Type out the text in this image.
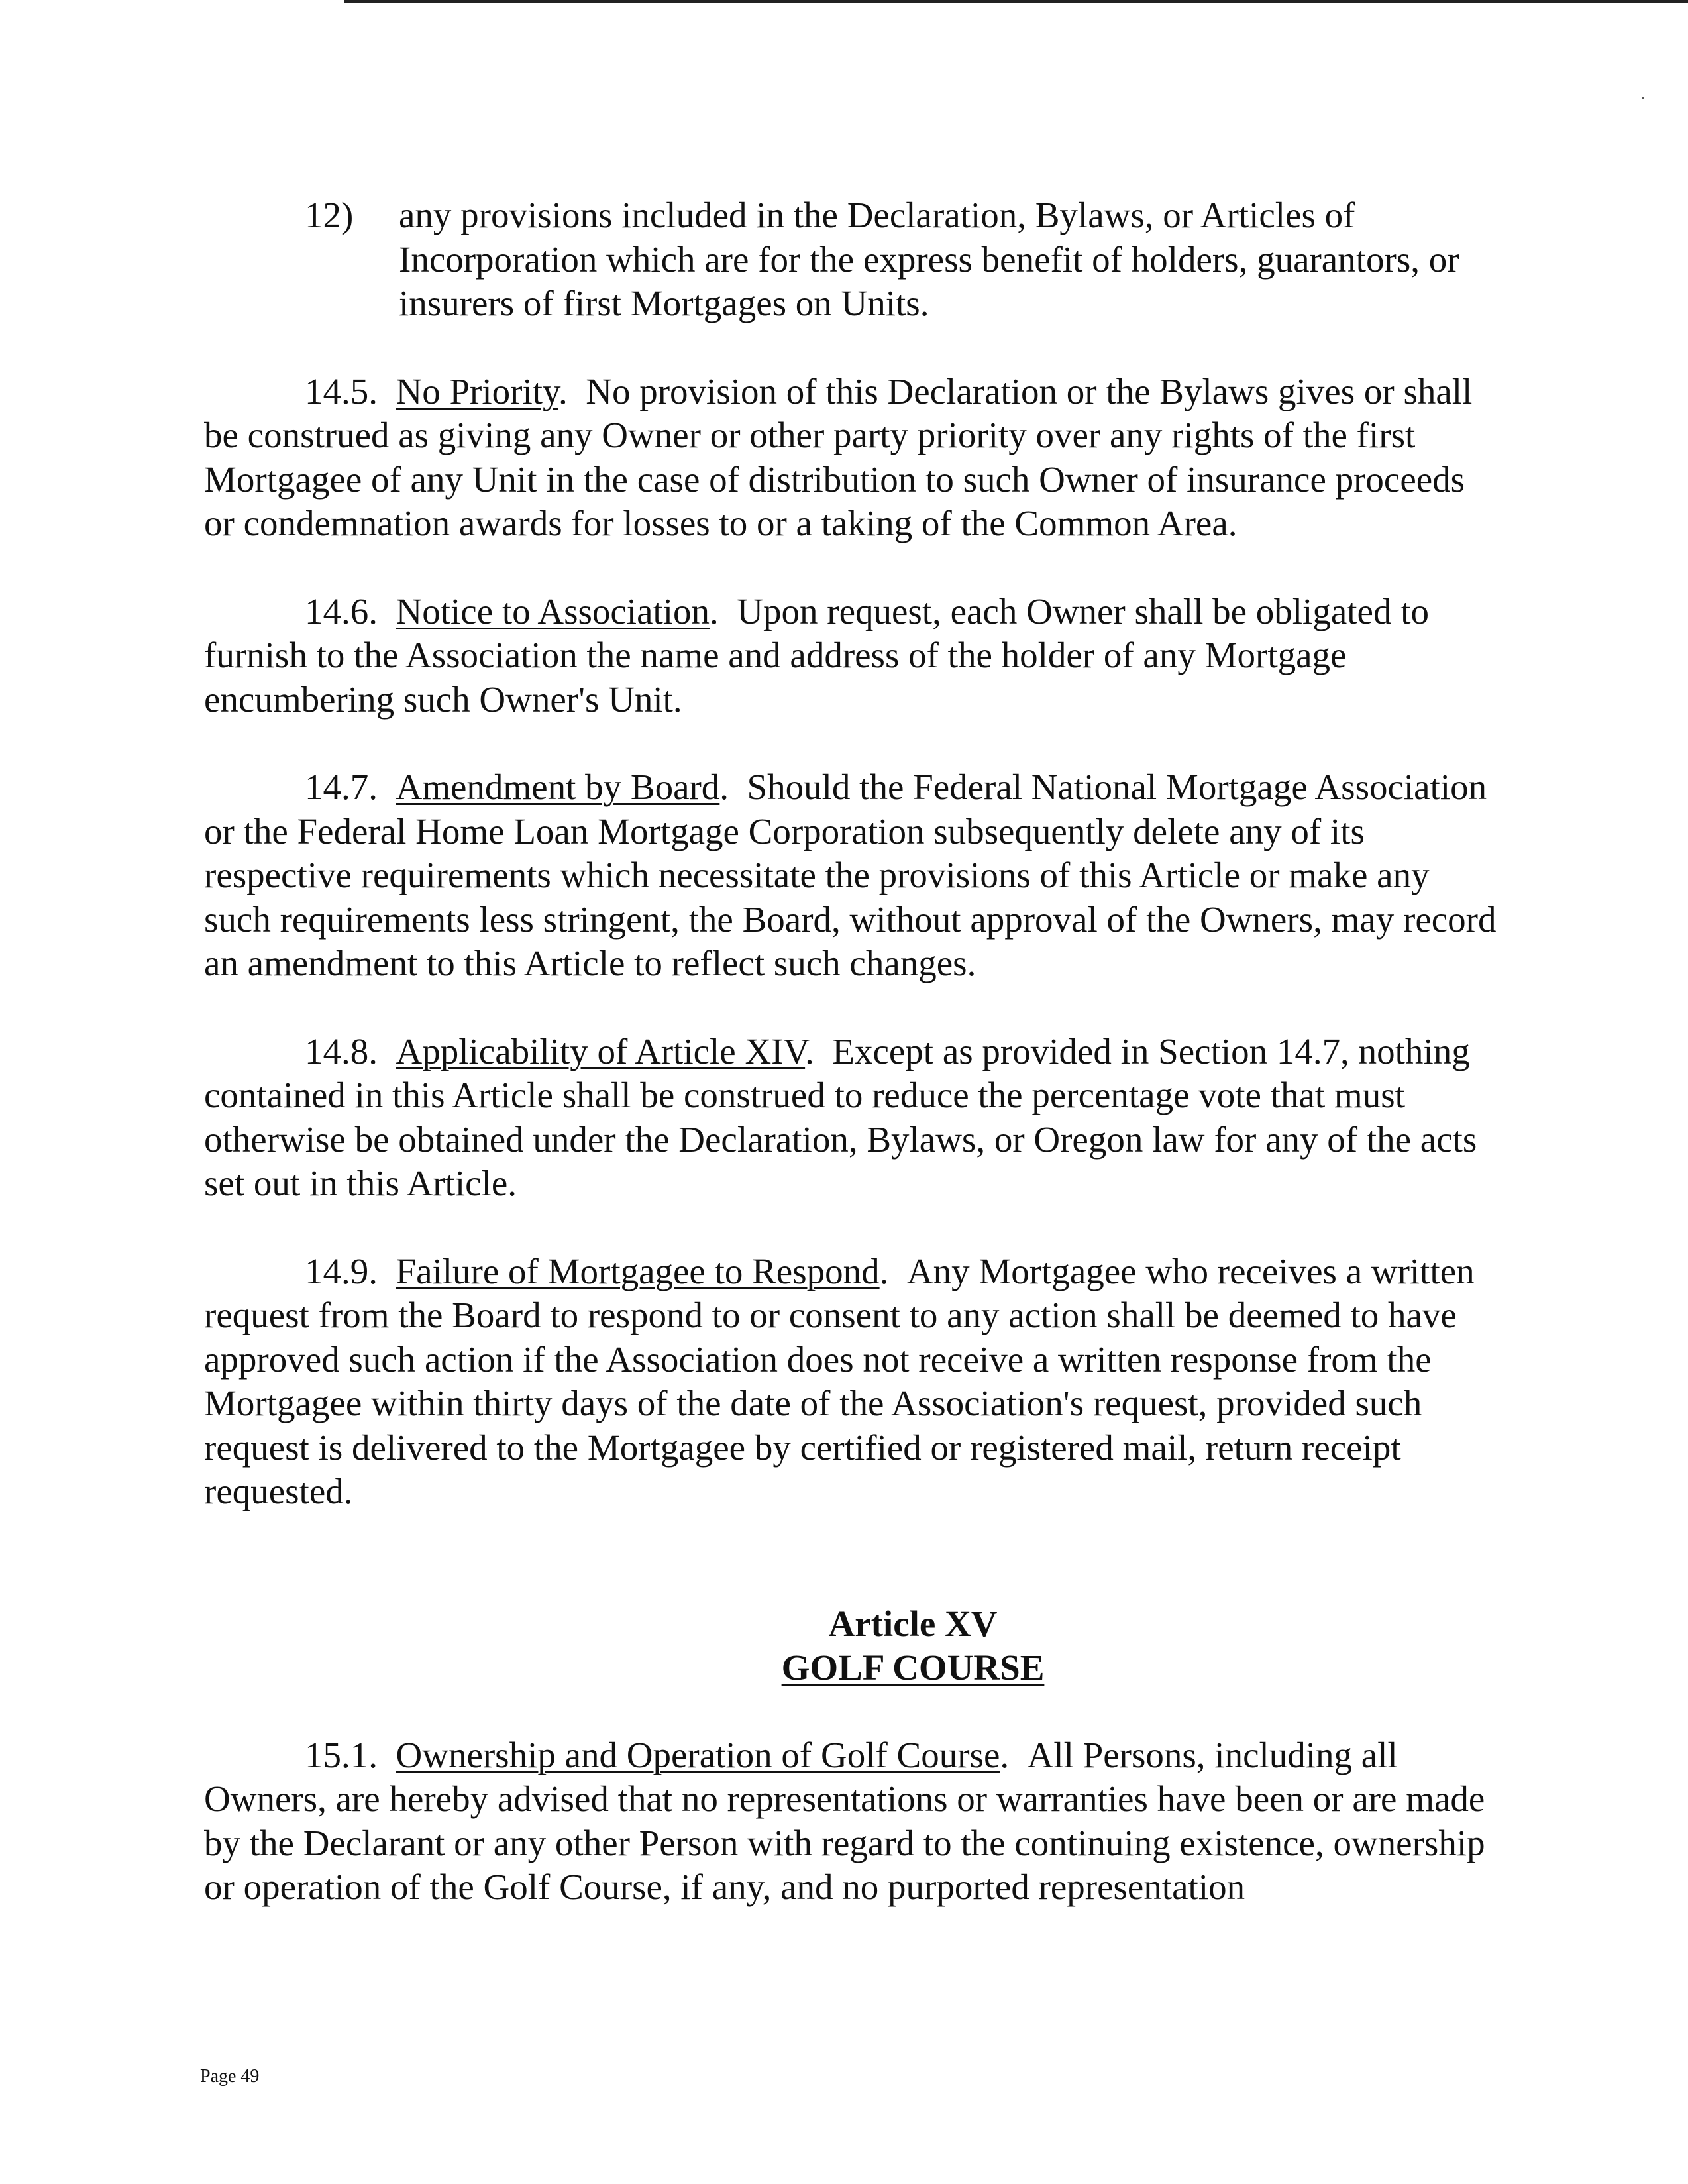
12)	any provisions included in the Declaration, Bylaws, or Articles of Incorporation which are for the express benefit of holders, guarantors, or insurers of first Mortgages on Units.

14.5. No Priority.  No provision of this Declaration or the Bylaws gives or shall be construed as giving any Owner or other party priority over any rights of the first Mortgagee of any Unit in the case of distribution to such Owner of insurance proceeds or condemnation awards for losses to or a taking of the Common Area.

14.6. Notice to Association.  Upon request, each Owner shall be obligated to furnish to the Association the name and address of the holder of any Mortgage encumbering such Owner's Unit.

14.7. Amendment by Board.  Should the Federal National Mortgage Association or the Federal Home Loan Mortgage Corporation subsequently delete any of its respective requirements which necessitate the provisions of this Article or make any such requirements less stringent, the Board, without approval of the Owners, may record an amendment to this Article to reflect such changes.

14.8. Applicability of Article XIV.  Except as provided in Section 14.7, nothing contained in this Article shall be construed to reduce the percentage vote that must otherwise be obtained under the Declaration, Bylaws, or Oregon law for any of the acts set out in this Article.

14.9. Failure of Mortgagee to Respond.  Any Mortgagee who receives a written request from the Board to respond to or consent to any action shall be deemed to have approved such action if the Association does not receive a written response from the Mortgagee within thirty days of the date of the Association's request, provided such request is delivered to the Mortgagee by certified or registered mail, return receipt requested.

Article XV
GOLF COURSE

15.1. Ownership and Operation of Golf Course.  All Persons, including all Owners, are hereby advised that no representations or warranties have been or are made by the Declarant or any other Person with regard to the continuing existence, ownership or operation of the Golf Course, if any, and no purported representation

Page 49
